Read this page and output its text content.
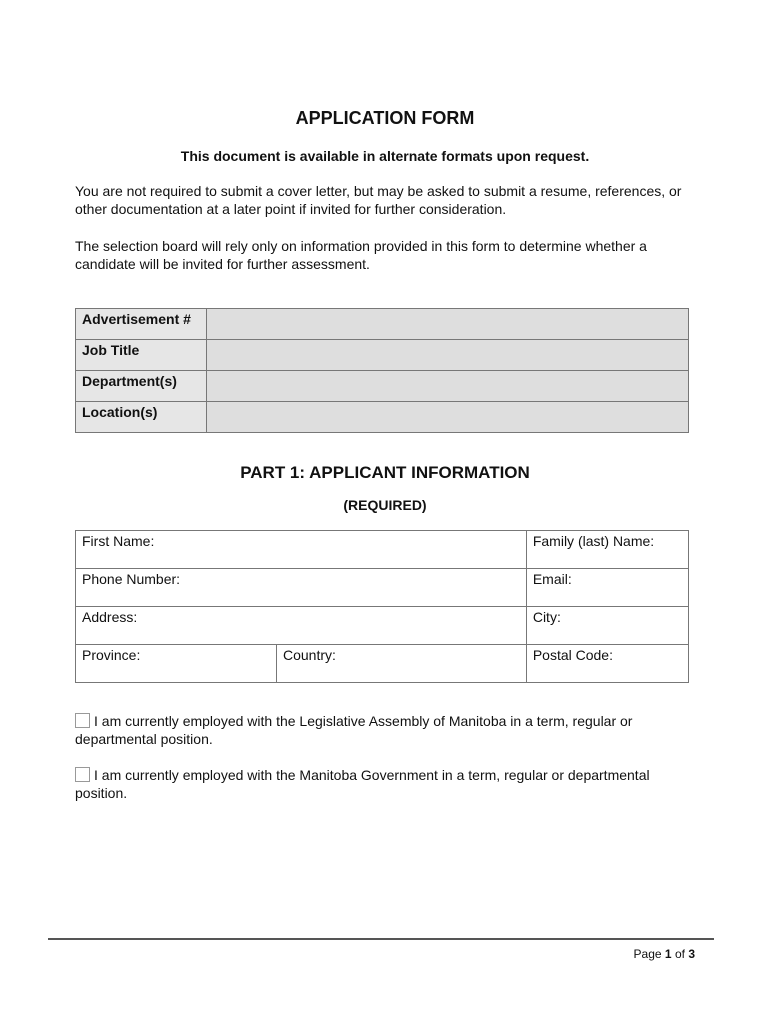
APPLICATION FORM
This document is available in alternate formats upon request.
You are not required to submit a cover letter, but may be asked to submit a resume, references, or other documentation at a later point if invited for further consideration.
The selection board will rely only on information provided in this form to determine whether a candidate will be invited for further assessment.
Advertisement #	
Job Title	
Department(s)	
Location(s)	
PART 1: APPLICANT INFORMATION
(REQUIRED)
First Name:		Family (last) Name:
Phone Number:		Email:
Address:		City:
Province:	Country:	Postal Code:
I am currently employed with the Legislative Assembly of Manitoba in a term, regular or departmental position.
I am currently employed with the Manitoba Government in a term, regular or departmental position.
Page 1 of 3
